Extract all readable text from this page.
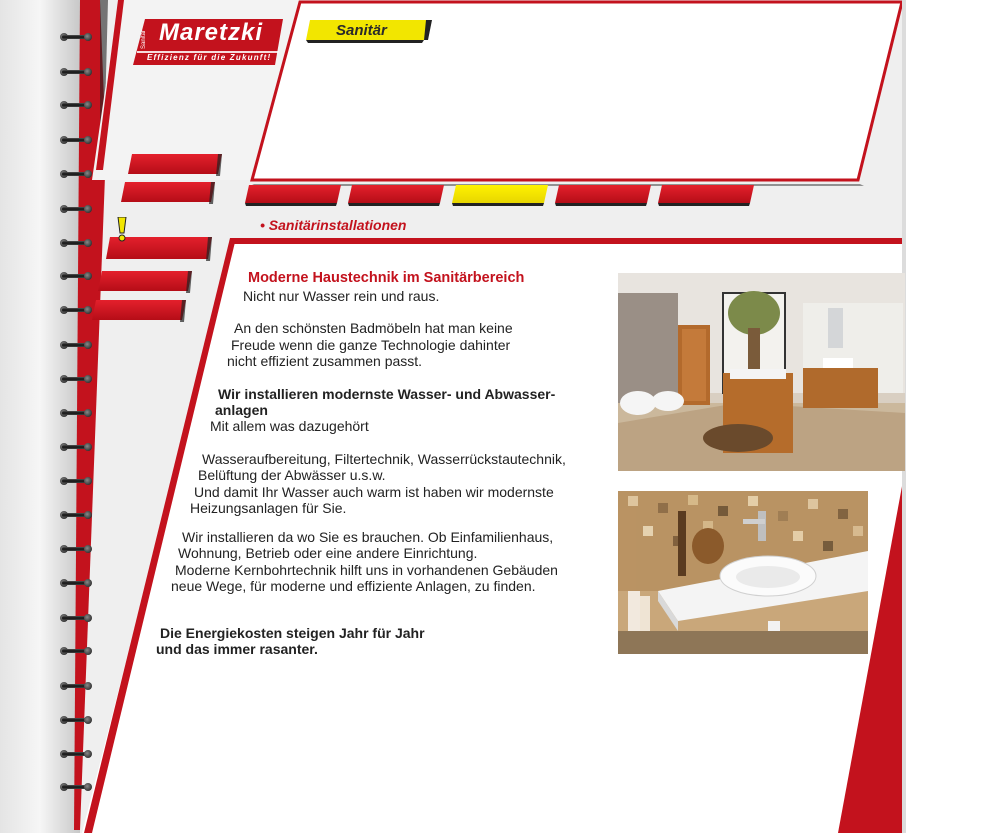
Sanitär Maretzki
Effizienz für die Zukunft!
Sanitär
• Sanitärinstallationen
Moderne Haustechnik im Sanitärbereich
Nicht nur Wasser rein und raus.
An den schönsten Badmöbeln hat man keine
Freude wenn die ganze Technologie dahinter
nicht effizient zusammen passt.
Wir installieren modernste Wasser- und Abwasser-
anlagen
Mit allem was dazugehört
Wasseraufbereitung, Filtertechnik, Wasserrückstautechnik,
Belüftung der Abwässer u.s.w.
Und damit Ihr Wasser auch warm ist haben wir modernste
Heizungsanlagen für Sie.
Wir installieren da wo Sie es brauchen. Ob Einfamilienhaus,
Wohnung, Betrieb oder eine andere Einrichtung.
Moderne Kernbohrtechnik hilft uns in vorhandenen Gebäuden
neue Wege, für moderne und effiziente Anlagen, zu finden.
Die Energiekosten steigen Jahr für Jahr
und das immer rasanter.
